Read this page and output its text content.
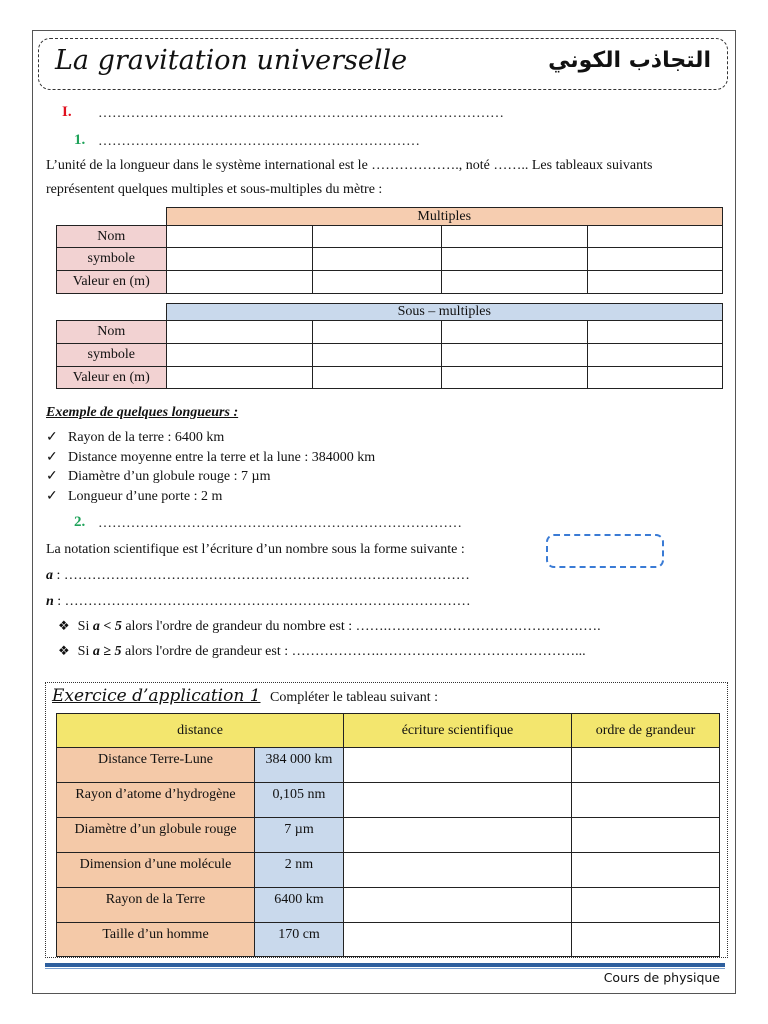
La gravitation universelle	التجاذب الكوني
I. ……………………………………………………………………………
1. ……………………………………………………………
L’unité de la longueur dans le système international est le ………………., noté …….. Les tableaux suivants
représentent quelques multiples et sous-multiples du mètre :
	Multiples			
Nom				
symbole				
Valeur en (m)				
	Sous – multiples			
Nom				
symbole				
Valeur en (m)				
Exemple de quelques longueurs :
✓ Rayon de la terre : 6400 km
✓ Distance moyenne entre la terre et la lune : 384000 km
✓ Diamètre d’un globule rouge : 7 µm
✓ Longueur d’une porte : 2 m
2. ……………………………………………………………………
La notation scientifique est l’écriture d’un nombre sous la forme suivante :
a : ……………………………………………………………………………
n : ……………………………………………………………………………
❖ Si a < 5 alors l'ordre de grandeur du nombre est : …….……………………………………….
❖ Si a ≥ 5 alors l'ordre de grandeur est : ……………….……………………………………...
Exercice d’application 1 Compléter le tableau suivant :
distance		écriture scientifique	ordre de grandeur
Distance Terre-Lune	384 000 km		
Rayon d’atome d’hydrogène	0,105 nm		
Diamètre d’un globule rouge	7 µm		
Dimension d’une molécule	2 nm		
Rayon de la Terre	6400 km		
Taille d’un homme	170 cm		
Cours de physique
